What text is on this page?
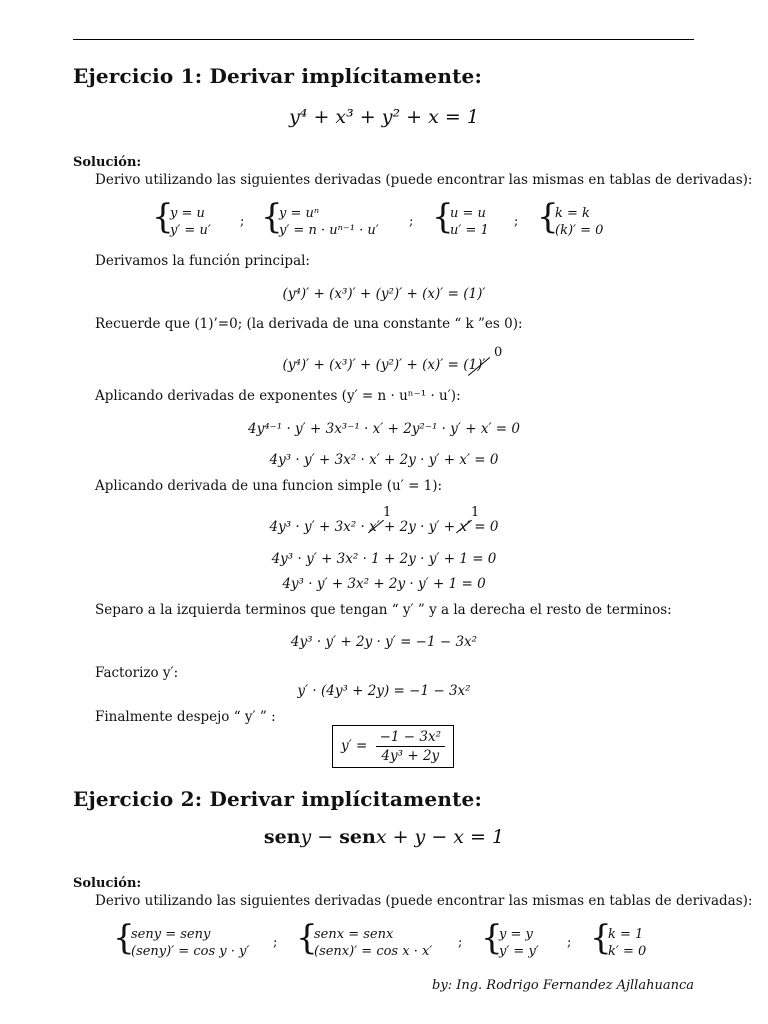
Ejercicio 1: Derivar implícitamente:
y⁴ + x³ + y² + x = 1
Solución:
Derivo utilizando las siguientes derivadas (puede encontrar las mismas en tablas de derivadas):
{
y = u
y′ = u′
; {
y = uⁿ
y′ = n · uⁿ⁻¹ · u′
; {
u = u
u′ = 1
; {
k = k
(k)′ = 0
Derivamos la función principal:
(y⁴)′ + (x³)′ + (y²)′ + (x)′ = (1)′
Recuerde que (1)’=0; (la derivada de una constante “ k ”es 0):
(y⁴)′ + (x³)′ + (y²)′ + (x)′ = (1)′
0
Aplicando derivadas de exponentes (y′ = n · uⁿ⁻¹ · u′):
4y⁴⁻¹ · y′ + 3x³⁻¹ · x′ + 2y²⁻¹ · y′ + x′ = 0
4y³ · y′ + 3x² · x′ + 2y · y′ + x′ = 0
Aplicando derivada de una funcion simple (u′ = 1):
4y³ · y′ + 3x² · x′ + 2y · y′ + x′ = 0
1	1
4y³ · y′ + 3x² · 1 + 2y · y′ + 1 = 0
4y³ · y′ + 3x² + 2y · y′ + 1 = 0
Separo a la izquierda terminos que tengan “ y′ ” y a la derecha el resto de terminos:
4y³ · y′ + 2y · y′ = −1 − 3x²
Factorizo y′:
y′ · (4y³ + 2y) = −1 − 3x²
Finalmente despejo “ y′ ” :
$y' = \frac{\text{−1 − 3x²}}{\text{4y³ + 2y}}$
Ejercicio 2: Derivar implícitamente:
seny − senx + y − x = 1
Solución:
Derivo utilizando las siguientes derivadas (puede encontrar las mismas en tablas de derivadas):
{
seny = seny
(seny)′ = cos y · y′
; {
senx = senx
(senx)′ = cos x · x′
; {
y = y
y′ = y′
; {
k = 1
k′ = 0
by: Ing. Rodrigo Fernandez Ajllahuanca
